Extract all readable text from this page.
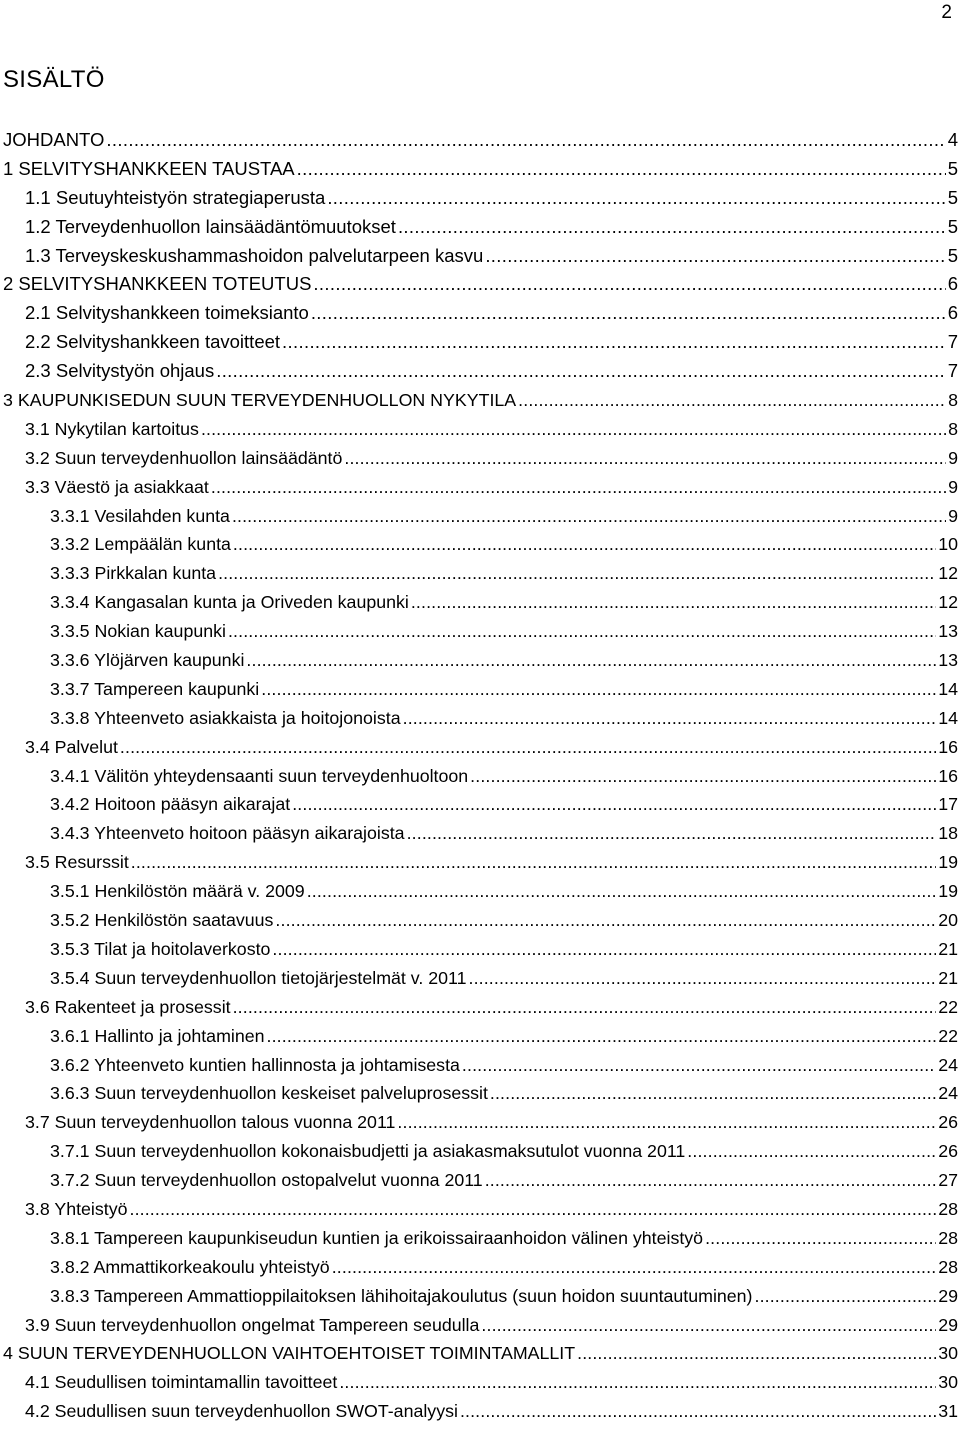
2
SISÄLTÖ
JOHDANTO . . .	4
1 SELVITYSHANKKEEN TAUSTAA . . .	5
1.1 Seutuyhteistyön strategiaperusta . . .	5
1.2 Terveydenhuollon lainsäädäntömuutokset . . .	5
1.3 Terveyskeskushammashoidon palvelutarpeen kasvu . . .	5
2 SELVITYSHANKKEEN TOTEUTUS . . .	6
2.1 Selvityshankkeen toimeksianto . . .	6
2.2 Selvityshankkeen tavoitteet . . .	7
2.3 Selvitystyön ohjaus . . .	7
3 KAUPUNKISEDUN SUUN TERVEYDENHUOLLON NYKYTILA . . .	8
3.1 Nykytilan kartoitus . . .	8
3.2 Suun terveydenhuollon lainsäädäntö . . .	9
3.3 Väestö ja asiakkaat . . .	9
3.3.1 Vesilahden kunta . . .	9
3.3.2 Lempäälän kunta . . .	10
3.3.3 Pirkkalan kunta . . .	12
3.3.4 Kangasalan kunta ja Oriveden kaupunki . . .	12
3.3.5 Nokian kaupunki . . .	13
3.3.6 Ylöjärven kaupunki . . .	13
3.3.7 Tampereen kaupunki . . .	14
3.3.8 Yhteenveto asiakkaista ja hoitojonoista . . .	14
3.4 Palvelut . . .	16
3.4.1 Välitön yhteydensaanti suun terveydenhuoltoon . . .	16
3.4.2 Hoitoon pääsyn aikarajat . . .	17
3.4.3 Yhteenveto hoitoon pääsyn aikarajoista . . .	18
3.5 Resurssit . . .	19
3.5.1 Henkilöstön määrä v. 2009 . . .	19
3.5.2 Henkilöstön saatavuus . . .	20
3.5.3 Tilat ja hoitolaverkosto . . .	21
3.5.4 Suun terveydenhuollon tietojärjestelmät v. 2011 . . .	21
3.6 Rakenteet ja prosessit . . .	22
3.6.1 Hallinto ja johtaminen . . .	22
3.6.2 Yhteenveto kuntien hallinnosta ja johtamisesta . . .	24
3.6.3 Suun terveydenhuollon keskeiset palveluprosessit . . .	24
3.7 Suun terveydenhuollon talous vuonna 2011 . . .	26
3.7.1 Suun terveydenhuollon kokonaisbudjetti ja asiakasmaksutulot vuonna 2011 . . .	26
3.7.2 Suun terveydenhuollon ostopalvelut vuonna 2011 . . .	27
3.8 Yhteistyö . . .	28
3.8.1 Tampereen kaupunkiseudun kuntien ja erikoissairaanhoidon välinen yhteistyö . . .	28
3.8.2 Ammattikorkeakoulu yhteistyö . . .	28
3.8.3 Tampereen Ammattioppilaitoksen lähihoitajakoulutus (suun hoidon suuntautuminen) . . .	29
3.9 Suun terveydenhuollon ongelmat Tampereen seudulla . . .	29
4 SUUN TERVEYDENHUOLLON VAIHTOEHTOISET TOIMINTAMALLIT . . .	30
4.1 Seudullisen toimintamallin tavoitteet . . .	30
4.2 Seudullisen suun terveydenhuollon SWOT-analyysi . . .	31
